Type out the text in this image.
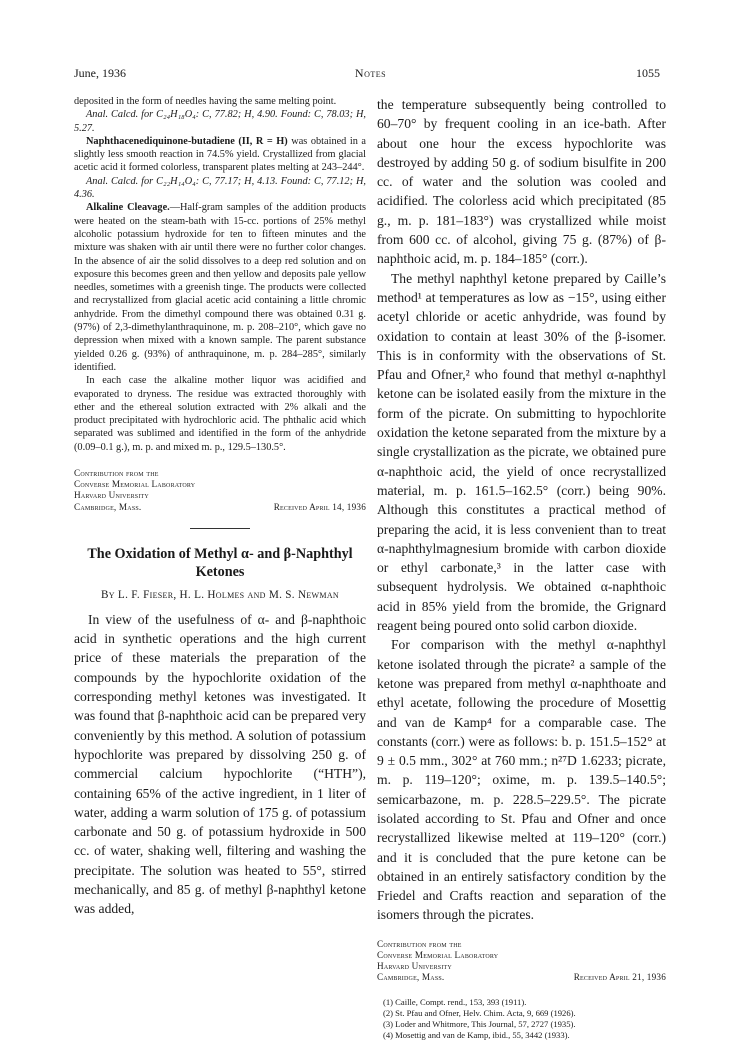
June, 1936	Notes	1055

deposited in the form of needles having the same melting point.

Anal. Calcd. for C₂₄H₁₈O₄: C, 77.82; H, 4.90. Found: C, 78.03; H, 5.27.

Naphthacenediquinone-butadiene (II, R = H) was obtained in a slightly less smooth reaction in 74.5% yield. Crystallized from glacial acetic acid it formed colorless, transparent plates melting at 243–244°.

Anal. Calcd. for C₂₂H₁₄O₄: C, 77.17; H, 4.13. Found: C, 77.12; H, 4.36.

Alkaline Cleavage.—Half-gram samples of the addition products were heated on the steam-bath with 15-cc. portions of 25% methyl alcoholic potassium hydroxide for ten to fifteen minutes and the mixture was shaken with air until there were no further color changes. In the absence of air the solid dissolves to a deep red solution and on exposure this becomes green and then yellow and deposits pale yellow needles, sometimes with a greenish tinge. The products were collected and recrystallized from glacial acetic acid containing a little chromic anhydride. From the dimethyl compound there was obtained 0.31 g. (97%) of 2,3-dimethylanthraquinone, m. p. 208–210°, which gave no depression when mixed with a known sample. The parent substance yielded 0.26 g. (93%) of anthraquinone, m. p. 284–285°, similarly identified.

In each case the alkaline mother liquor was acidified and evaporated to dryness. The residue was extracted thoroughly with ether and the ethereal solution extracted with 2% alkali and the product precipitated with hydrochloric acid. The phthalic acid which separated was sublimed and identified in the form of the anhydride (0.09–0.1 g.), m. p. and mixed m. p., 129.5–130.5°.

Contribution from the
Converse Memorial Laboratory
Harvard University
Cambridge, Mass.	Received April 14, 1936
The Oxidation of Methyl α- and β-Naphthyl Ketones
By L. F. Fieser, H. L. Holmes and M. S. Newman

In view of the usefulness of α- and β-naphthoic acid in synthetic operations and the high current price of these materials the preparation of the compounds by the hypochlorite oxidation of the corresponding methyl ketones was investigated. It was found that β-naphthoic acid can be prepared very conveniently by this method. A solution of potassium hypochlorite was prepared by dissolving 250 g. of commercial calcium hypochlorite (“HTH”), containing 65% of the active ingredient, in 1 liter of water, adding a warm solution of 175 g. of potassium carbonate and 50 g. of potassium hydroxide in 500 cc. of water, shaking well, filtering and washing the precipitate. The solution was heated to 55°, stirred mechanically, and 85 g. of methyl β-naphthyl ketone was added,

the temperature subsequently being controlled to 60–70° by frequent cooling in an ice-bath. After about one hour the excess hypochlorite was destroyed by adding 50 g. of sodium bisulfite in 200 cc. of water and the solution was cooled and acidified. The colorless acid which precipitated (85 g., m. p. 181–183°) was crystallized while moist from 600 cc. of alcohol, giving 75 g. (87%) of β-naphthoic acid, m. p. 184–185° (corr.).

The methyl naphthyl ketone prepared by Caille’s method¹ at temperatures as low as −15°, using either acetyl chloride or acetic anhydride, was found by oxidation to contain at least 30% of the β-isomer. This is in conformity with the observations of St. Pfau and Ofner,² who found that methyl α-naphthyl ketone can be isolated easily from the mixture in the form of the picrate. On submitting to hypochlorite oxidation the ketone separated from the mixture by a single crystallization as the picrate, we obtained pure α-naphthoic acid, the yield of once recrystallized material, m. p. 161.5–162.5° (corr.) being 90%. Although this constitutes a practical method of preparing the acid, it is less convenient than to treat α-naphthylmagnesium bromide with carbon dioxide or ethyl carbonate,³ in the latter case with subsequent hydrolysis. We obtained α-naphthoic acid in 85% yield from the bromide, the Grignard reagent being poured onto solid carbon dioxide.

For comparison with the methyl α-naphthyl ketone isolated through the picrate² a sample of the ketone was prepared from methyl α-naphthoate and ethyl acetate, following the procedure of Mosettig and van de Kamp⁴ for a comparable case. The constants (corr.) were as follows: b. p. 151.5–152° at 9 ± 0.5 mm., 302° at 760 mm.; n²⁷D 1.6233; picrate, m. p. 119–120°; oxime, m. p. 139.5–140.5°; semicarbazone, m. p. 228.5–229.5°. The picrate isolated according to St. Pfau and Ofner and once recrystallized likewise melted at 119–120° (corr.) and it is concluded that the pure ketone can be obtained in an entirely satisfactory condition by the Friedel and Crafts reaction and separation of the isomers through the picrates.

Contribution from the
Converse Memorial Laboratory
Harvard University
Cambridge, Mass.	Received April 21, 1936
(1) Caille, Compt. rend., 153, 393 (1911).
(2) St. Pfau and Ofner, Helv. Chim. Acta, 9, 669 (1926).
(3) Loder and Whitmore, This Journal, 57, 2727 (1935).
(4) Mosettig and van de Kamp, ibid., 55, 3442 (1933).
